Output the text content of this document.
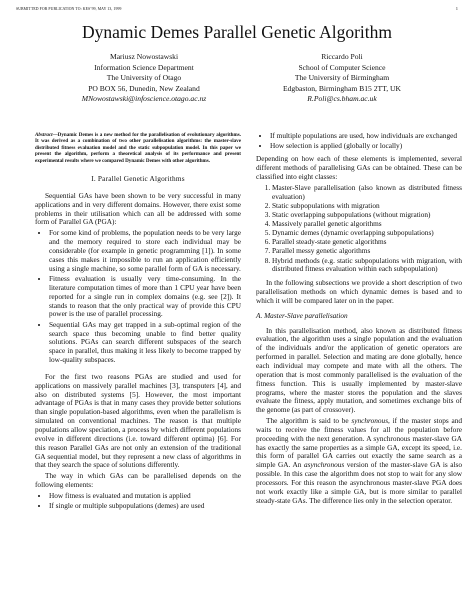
SUBMITTED FOR PUBLICATION TO: KES’99, MAY 13, 1999	1
Dynamic Demes Parallel Genetic Algorithm
Mariusz Nowostawski
Information Science Department
The University of Otago
PO BOX 56, Dunedin, New Zealand
MNowostawski@infoscience.otago.ac.nz
Riccardo Poli
School of Computer Science
The University of Birmingham
Edgbaston, Birmingham B15 2TT, UK
R.Poli@cs.bham.ac.uk
Abstract—Dynamic Demes is a new method for the parallelisation of evolutionary algorithms. It was derived as a combination of two other parallelisation algorithms: the master-slave distributed fitness evaluation model and the static subpopulation model. In this paper we present the algorithm, perform a theoretical analysis of its performance and present experimental results where we compared Dynamic Demes with other algorithms.
I. Parallel Genetic Algorithms

Sequential GAs have been shown to be very successful in many applications and in very different domains. However, there exist some problems in their utilisation which can all be addressed with some form of Parallel GA (PGA):

• For some kind of problems, the population needs to be very large and the memory required to store each individual may be considerable (for example in genetic programming [1]). In some cases this makes it impossible to run an application efficiently using a single machine, so some parallel form of GA is necessary.
• Fitness evaluation is usually very time-consuming. In the literature computation times of more than 1 CPU year have been reported for a single run in complex domains (e.g. see [2]). It stands to reason that the only practical way of provide this CPU power is the use of parallel processing.
• Sequential GAs may get trapped in a sub-optimal region of the search space thus becoming unable to find better quality solutions. PGAs can search different subspaces of the search space in parallel, thus making it less likely to become trapped by low-quality subspaces.

For the first two reasons PGAs are studied and used for applications on massively parallel machines [3], transputers [4], and also on distributed systems [5]. However, the most important advantage of PGAs is that in many cases they provide better solutions than single population-based algorithms, even when the parallelism is simulated on conventional machines. The reason is that multiple populations allow speciation, a process by which different populations evolve in different directions (i.e. toward different optima) [6]. For this reason Parallel GAs are not only an extension of the traditional GA sequential model, but they represent a new class of algorithms in that they search the space of solutions differently.

The way in which GAs can be parallelised depends on the following elements:

• How fitness is evaluated and mutation is applied
• If single or multiple subpopulations (demes) are used
• If multiple populations are used, how individuals are exchanged
• How selection is applied (globally or locally)

Depending on how each of these elements is implemented, several different methods of parallelising GAs can be obtained. These can be classified into eight classes:

1. Master-Slave parallelisation (also known as distributed fitness evaluation)
2. Static subpopulations with migration
3. Static overlapping subpopulations (without migration)
4. Massively parallel genetic algorithms
5. Dynamic demes (dynamic overlapping subpopulations)
6. Parallel steady-state genetic algorithms
7. Parallel messy genetic algorithms
8. Hybrid methods (e.g. static subpopulations with migration, with distributed fitness evaluation within each subpopulation)

In the following subsections we provide a short description of two parallelisation methods on which dynamic demes is based and to which it will be compared later on in the paper.

A. Master-Slave parallelisation

In this parallelisation method, also known as distributed fitness evaluation, the algorithm uses a single population and the evaluation of the individuals and/or the application of genetic operators are performed in parallel. Selection and mating are done globally, hence each individual may compete and mate with all the others. The operation that is most commonly parallelised is the evaluation of the fitness function. This is usually implemented by master-slave programs, where the master stores the population and the slaves evaluate the fitness, apply mutation, and sometimes exchange bits of the genome (as part of crossover).

The algorithm is said to be synchronous, if the master stops and waits to receive the fitness values for all the population before proceeding with the next generation. A synchronous master-slave GA has exactly the same properties as a simple GA, except its speed, i.e. this form of parallel GA carries out exactly the same search as a simple GA. An asynchronous version of the master-slave GA is also possible. In this case the algorithm does not stop to wait for any slow processors. For this reason the asynchronous master-slave PGA does not work exactly like a simple GA, but is more similar to parallel steady-state GAs. The difference lies only in the selection operator.
